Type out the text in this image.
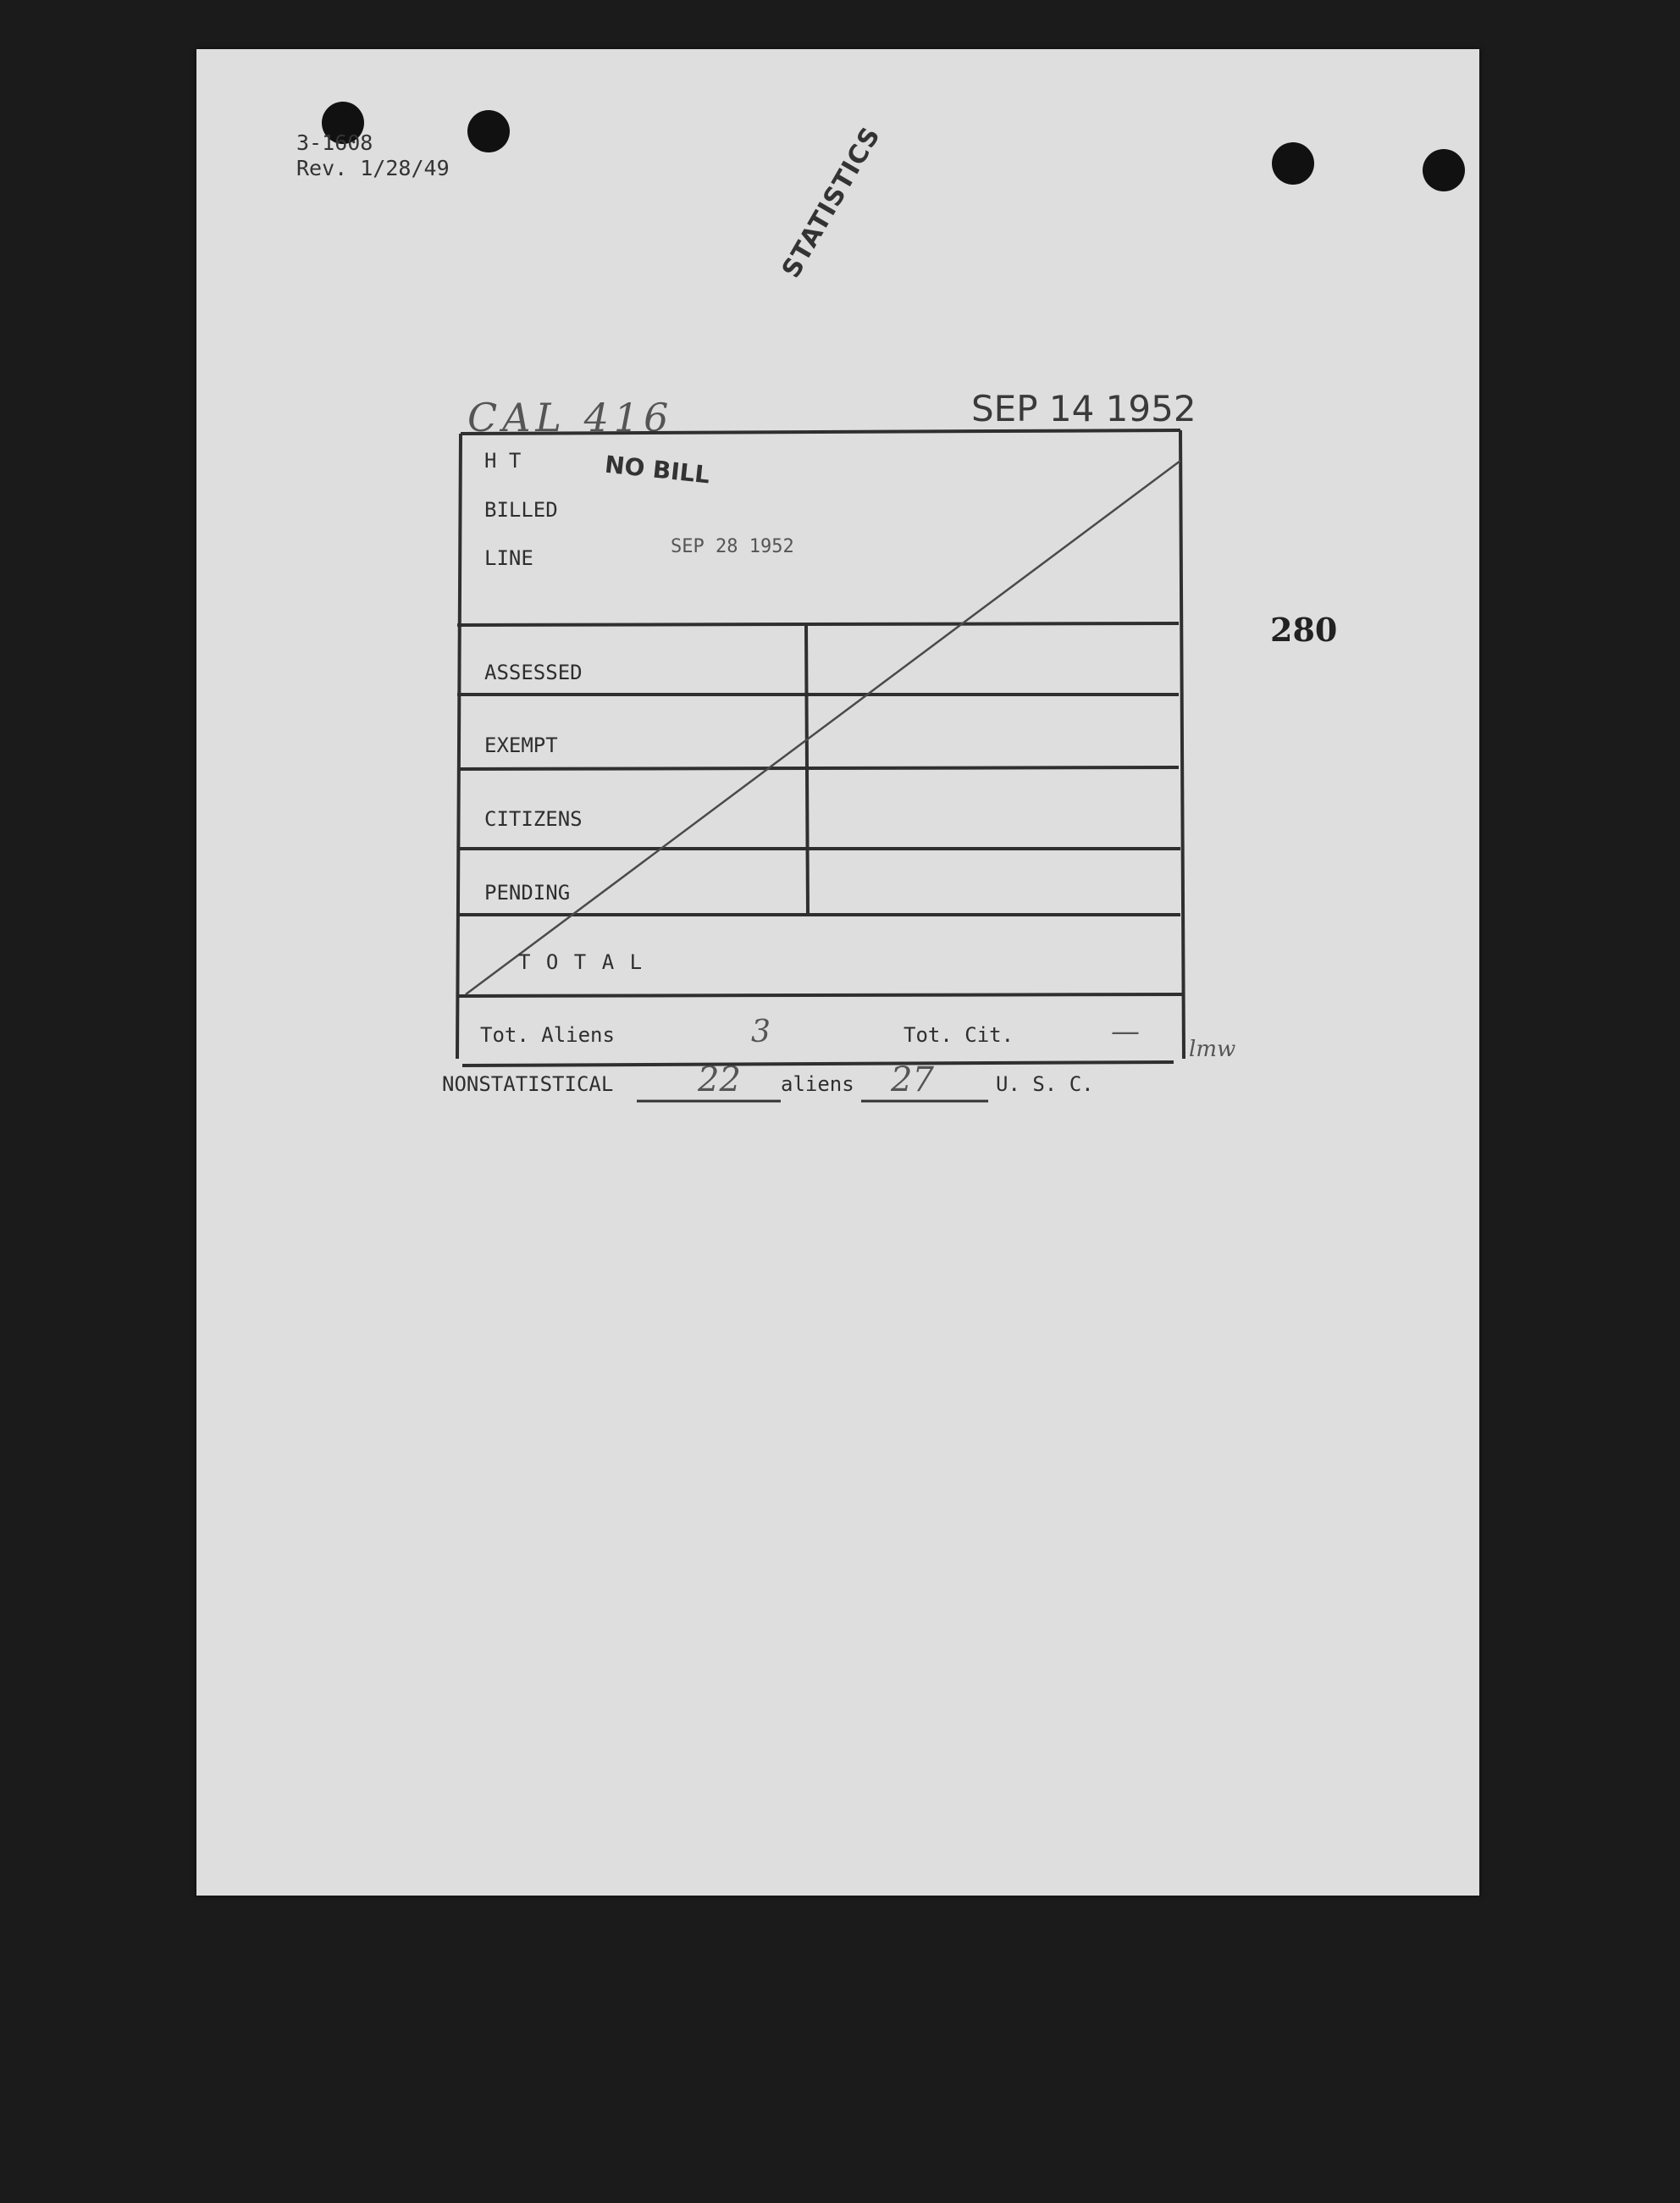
3-1608
Rev. 1/28/49	STATISTICS
CAL 416	SEP 14 1952
280
NO BILL
SEP 28 1952
H T
BILLED
LINE
ASSESSED
EXEMPT
CITIZENS
PENDING
T O T A L
Tot. Aliens	3	Tot. Cit.	—
lmw
NONSTATISTICAL 22 aliens 27	U. S. C.
